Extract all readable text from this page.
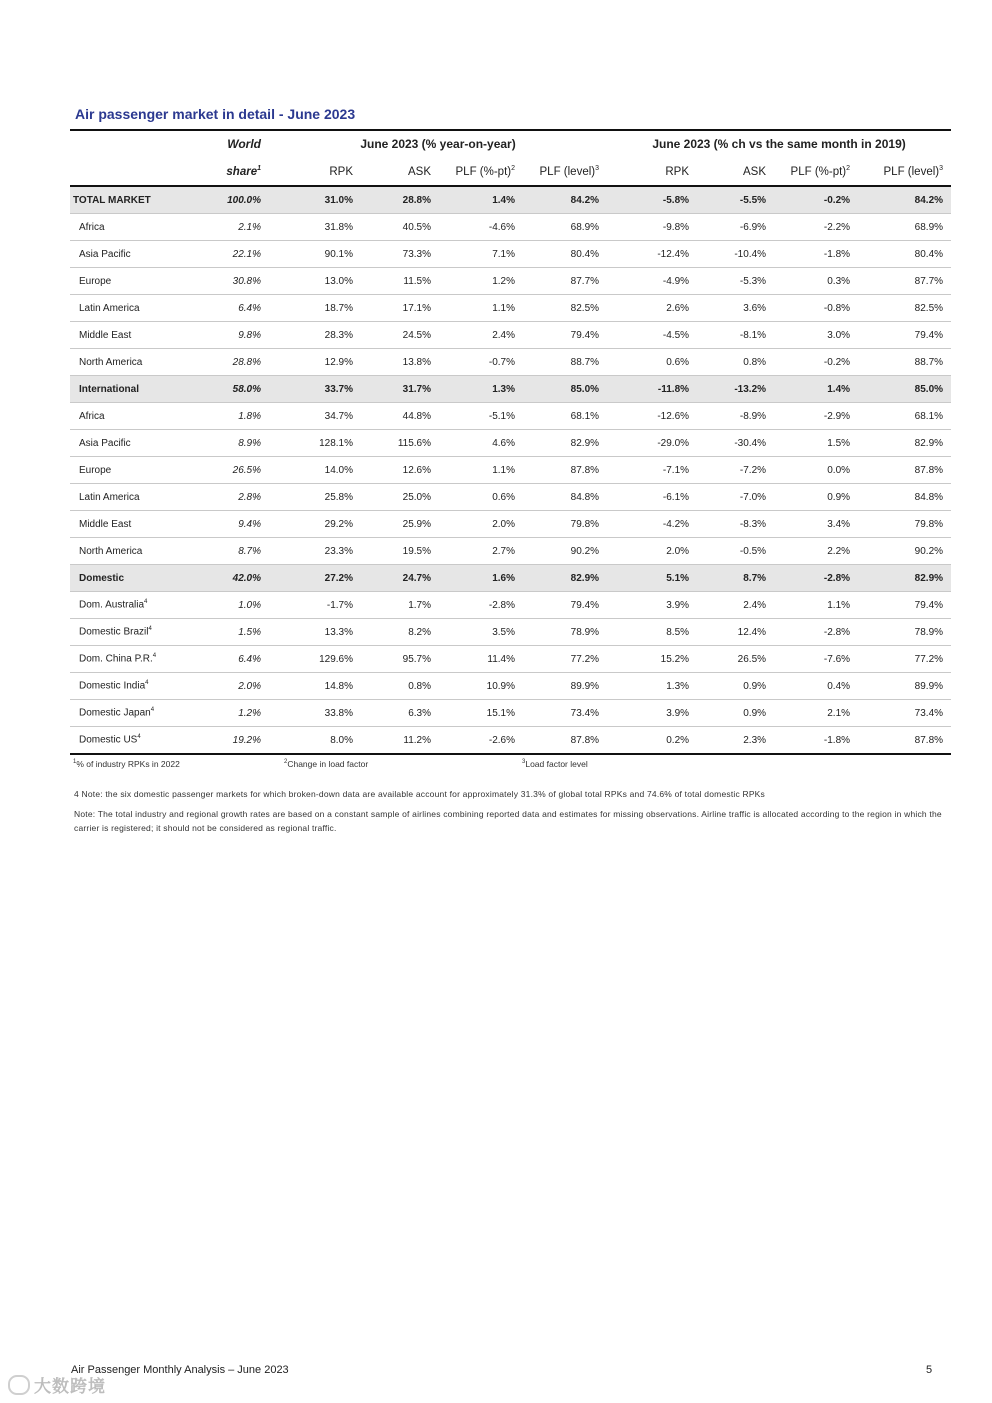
Air passenger market in detail - June 2023
	World	June 2023 (% year-on-year)				June 2023 (% ch vs the same month in 2019)			
	share$^1$	RPK	ASK	PLF $(\%-pt)^2$	PLF (level)$^3$	RPK	ASK	PLF $(\%-pt)^2$	PLF (level)$^3$
TOTAL MARKET	100.0%	31.0%	28.8%	1.4%	84.2%	-5.8%	-5.5%	-0.2%	84.2%
Africa	2.1%	31.8%	40.5%	-4.6%	68.9%	-9.8%	-6.9%	-2.2%	68.9%
Asia Pacific	22.1%	90.1%	73.3%	7.1%	80.4%	-12.4%	-10.4%	-1.8%	80.4%
Europe	30.8%	13.0%	11.5%	1.2%	87.7%	-4.9%	-5.3%	0.3%	87.7%
Latin America	6.4%	18.7%	17.1%	1.1%	82.5%	2.6%	3.6%	-0.8%	82.5%
Middle East	9.8%	28.3%	24.5%	2.4%	79.4%	-4.5%	-8.1%	3.0%	79.4%
North America	28.8%	12.9%	13.8%	-0.7%	88.7%	0.6%	0.8%	-0.2%	88.7%
International	58.0%	33.7%	31.7%	1.3%	85.0%	-11.8%	-13.2%	1.4%	85.0%
Africa	1.8%	34.7%	44.8%	-5.1%	68.1%	-12.6%	-8.9%	-2.9%	68.1%
Asia Pacific	8.9%	128.1%	115.6%	4.6%	82.9%	-29.0%	-30.4%	1.5%	82.9%
Europe	26.5%	14.0%	12.6%	1.1%	87.8%	-7.1%	-7.2%	0.0%	87.8%
Latin America	2.8%	25.8%	25.0%	0.6%	84.8%	-6.1%	-7.0%	0.9%	84.8%
Middle East	9.4%	29.2%	25.9%	2.0%	79.8%	-4.2%	-8.3%	3.4%	79.8%
North America	8.7%	23.3%	19.5%	2.7%	90.2%	2.0%	-0.5%	2.2%	90.2%
Domestic	42.0%	27.2%	24.7%	1.6%	82.9%	5.1%	8.7%	-2.8%	82.9%
Dom. Australia$^4$	1.0%	-1.7%	1.7%	-2.8%	79.4%	3.9%	2.4%	1.1%	79.4%
Domestic Brazil$^4$	1.5%	13.3%	8.2%	3.5%	78.9%	8.5%	12.4%	-2.8%	78.9%
Dom. China P.R.$^4$	6.4%	129.6%	95.7%	11.4%	77.2%	15.2%	26.5%	-7.6%	77.2%
Domestic India$^4$	2.0%	14.8%	0.8%	10.9%	89.9%	1.3%	0.9%	0.4%	89.9%
Domestic Japan$^4$	1.2%	33.8%	6.3%	15.1%	73.4%	3.9%	0.9%	2.1%	73.4%
Domestic $US^4$	19.2%	8.0%	11.2%	-2.6%	87.8%	0.2%	2.3%	-1.8%	87.8%
$^1$% of industry RPKs in 2022	$^2$Change in load factor	$^3$Load factor level
4 Note: the six domestic passenger markets for which broken-down data are available account for approximately 31.3% of global total RPKs and 74.6% of total domestic RPKs
Note: The total industry and regional growth rates are based on a constant sample of airlines combining reported data and estimates for missing observations. Airline traffic is allocated according to the region in which the carrier is registered; it should not be considered as regional traffic.
Air Passenger Monthly Analysis – June 2023	5
大数跨境
